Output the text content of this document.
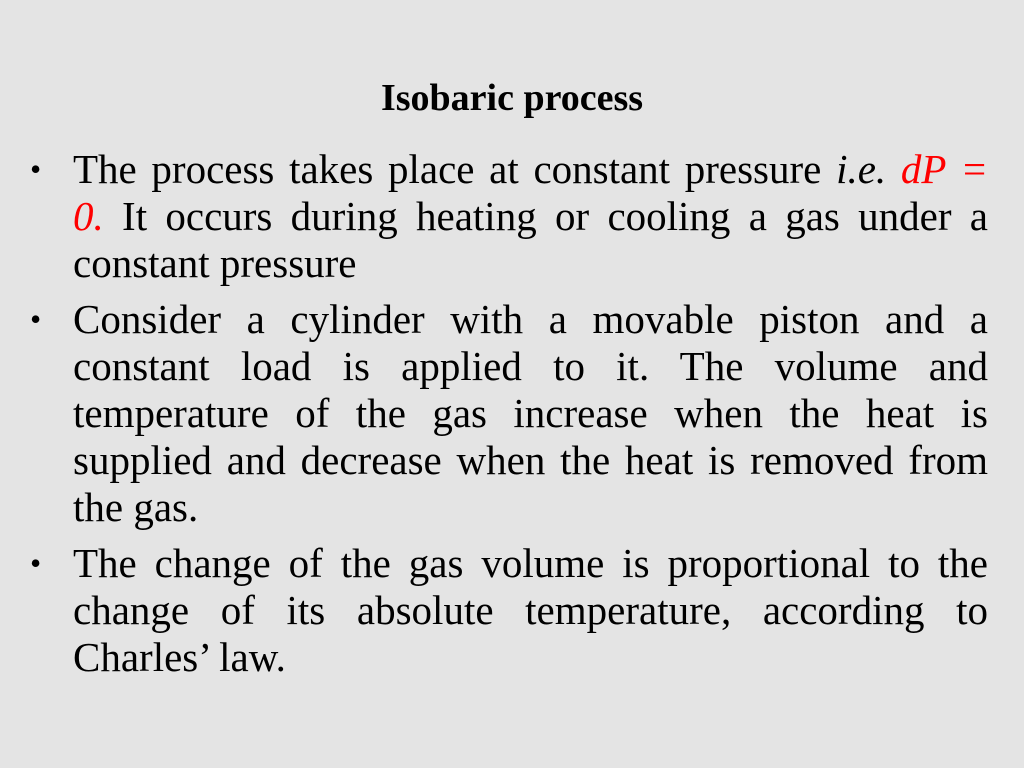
Isobaric process
• The process takes place at constant pressure i.e. dP = 0. It occurs during heating or cooling a gas under a constant pressure
• Consider a cylinder with a movable piston and a constant load is applied to it. The volume and temperature of the gas increase when the heat is supplied and decrease when the heat is removed from the gas.
• The change of the gas volume is proportional to the change of its absolute temperature, according to Charles’ law.
